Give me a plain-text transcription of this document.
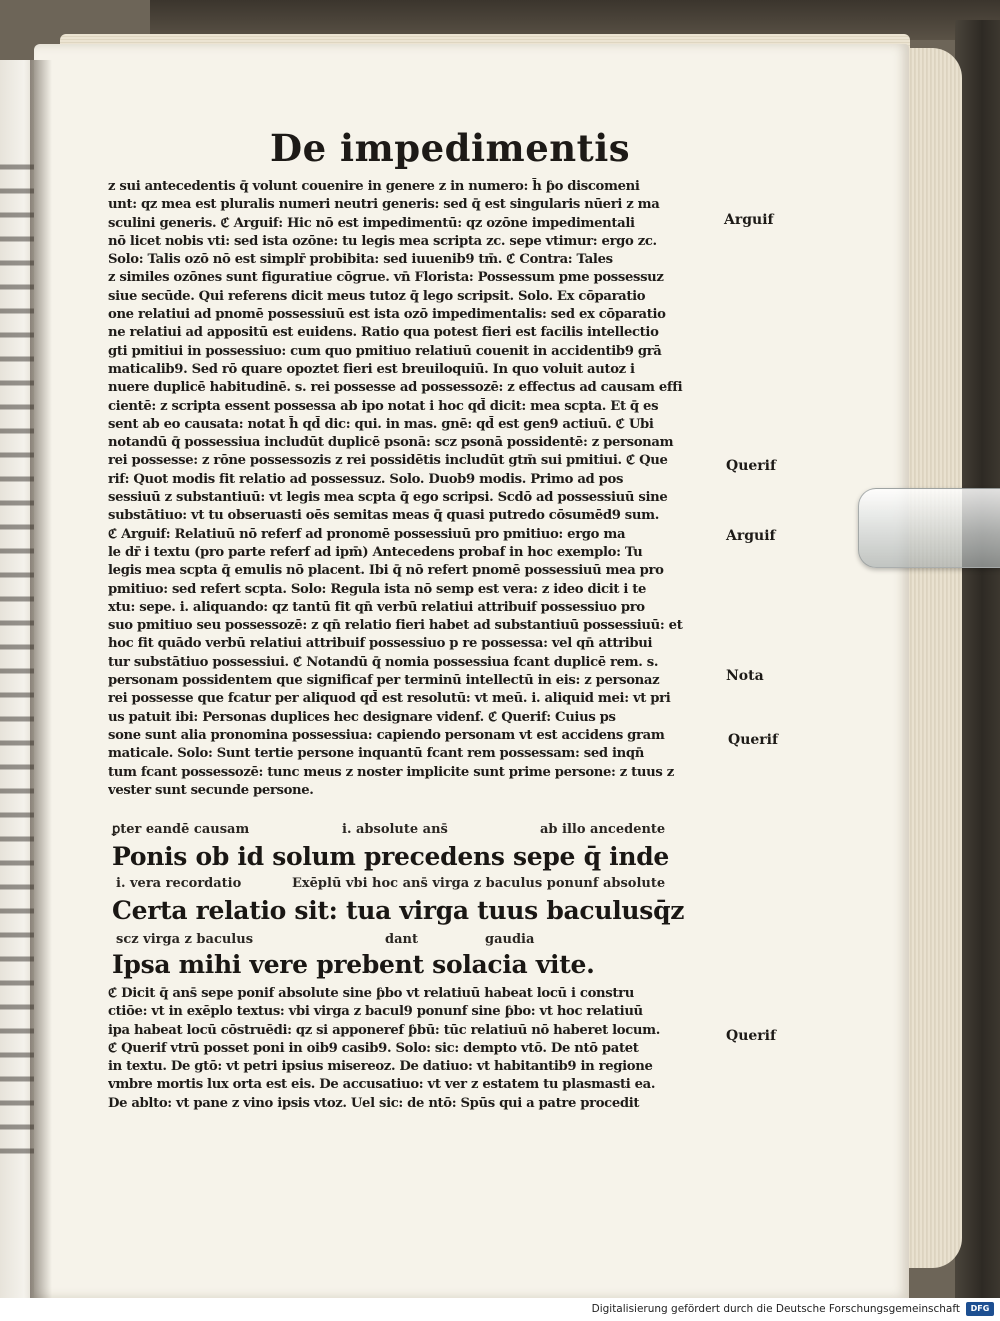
De impedimentis
z sui antecedentis q̄ volunt couenire in genere z in numero: h̄ ƥo discomeni
unt: qz mea est pluralis numeri neutri generis: sed q̄ est singularis nūeri z ma
sculini generis. ℭ Arguif: Hic nō est impedimentū: qz ozōne impedimentali
nō licet nobis vti: sed ista ozōne: tu legis mea scripta zc. sepe vtimur: ergo zc.
Solo: Talis ozō nō est simplr̄ probibita: sed iuuenib9 tm̄. ℭ Contra: Tales
z similes ozōnes sunt figuratiue cōgrue. vn̄ Florista: Possessum pme possessuz
siue secūde. Qui referens dicit meus tutoz q̄ lego scripsit. Solo. Ex cōparatio
one relatiui ad pnomē possessiuū est ista ozō impedimentalis: sed ex cōparatio
ne relatiui ad appositū est euidens. Ratio qua potest fieri est facilis intellectio
gti pmitiui in possessiuo: cum quo pmitiuo relatiuū couenit in accidentib9 grā
maticalib9. Sed rō quare opoztet fieri est breuiloquiū. In quo voluit autoz i
nuere duplicē habitudinē. s. rei possesse ad possessozē: z effectus ad causam effi
cientē: z scripta essent possessa ab ipo notat i hoc qd̄ dicit: mea scpta. Et q̄ es
sent ab eo causata: notat h̄ qd̄ dic: qui. in mas. gnē: qd̄ est gen9 actiuū. ℭ Ubi
notandū q̄ possessiua includūt duplicē psonā: scz psonā possidentē: z personam
rei possesse: z rōne possessozis z rei possidētis includūt gtm̄ sui pmitiui. ℭ Que
rif: Quot modis fit relatio ad possessuz. Solo. Duob9 modis. Primo ad pos
sessiuū z substantiuū: vt legis mea scpta q̄ ego scripsi. Scdō ad possessiuū sine
substātiuo: vt tu obseruasti oēs semitas meas q̄ quasi putredo cōsumēd9 sum.
ℭ Arguif: Relatiuū nō referf ad pronomē possessiuū pro pmitiuo: ergo ma
le dr̄ i textu (pro parte referf ad ipm̄) Antecedens probaf in hoc exemplo: Tu
legis mea scpta q̄ emulis nō placent. Ibi q̄ nō refert pnomē possessiuū mea pro
pmitiuo: sed refert scpta. Solo: Regula ista nō semp est vera: z ideo dicit i te
xtu: sepe. i. aliquando: qz tantū fit qn̄ verbū relatiui attribuif possessiuo pro
suo pmitiuo seu possessozē: z qn̄ relatio fieri habet ad substantiuū possessiuū: et
hoc fit quādo verbū relatiui attribuif possessiuo p re possessa: vel qn̄ attribui
tur substātiuo possessiui. ℭ Notandū q̄ nomia possessiua fcant duplicē rem. s.
personam possidentem que significaf per terminū intellectū in eis: z personaz
rei possesse que fcatur per aliquod qd̄ est resolutū: vt meū. i. aliquid mei: vt pri
us patuit ibi: Personas duplices hec designare videnf. ℭ Querif: Cuius ps
sone sunt alia pronomina possessiua: capiendo personam vt est accidens gram
maticale. Solo: Sunt tertie persone inquantū fcant rem possessam: sed inqn̄
tum fcant possessozē: tunc meus z noster implicite sunt prime persone: z tuus z
vester sunt secunde persone.
ꝑter eandē causam	i. absolute ans̄	ab illo ancedente
Ponis ob id solum precedens sepe q̄ inde
i. vera recordatio	Exēplū vbi hoc ans̄ virga z baculus ponunf absolute
Certa relatio sit: tua virga tuus baculusq̄z
scz virga z baculus	dant	gaudia
Ipsa mihi vere prebent solacia vite.
ℭ Dicit q̄ ans̄ sepe ponif absolute sine ƥbo vt relatiuū habeat locū i constru
ctiōe: vt in exēplo textus: vbi virga z bacul9 ponunf sine ƥbo: vt hoc relatiuū
ipa habeat locū cōstruēdi: qz si apponeref ƥbū: tūc relatiuū nō haberet locum.
ℭ Querif vtrū posset poni in oib9 casib9. Solo: sic: dempto vtō. De ntō patet
in textu. De gtō: vt petri ipsius misereoz. De datiuo: vt habitantib9 in regione
vmbre mortis lux orta est eis. De accusatiuo: vt ver z estatem tu plasmasti ea.
De ablto: vt pane z vino ipsis vtoz. Uel sic: de ntō: Spūs qui a patre procedit
Arguif
Querif
Arguif
Nota
Querif
Querif
Digitalisierung gefördert durch die Deutsche Forschungsgemeinschaft	DFG
